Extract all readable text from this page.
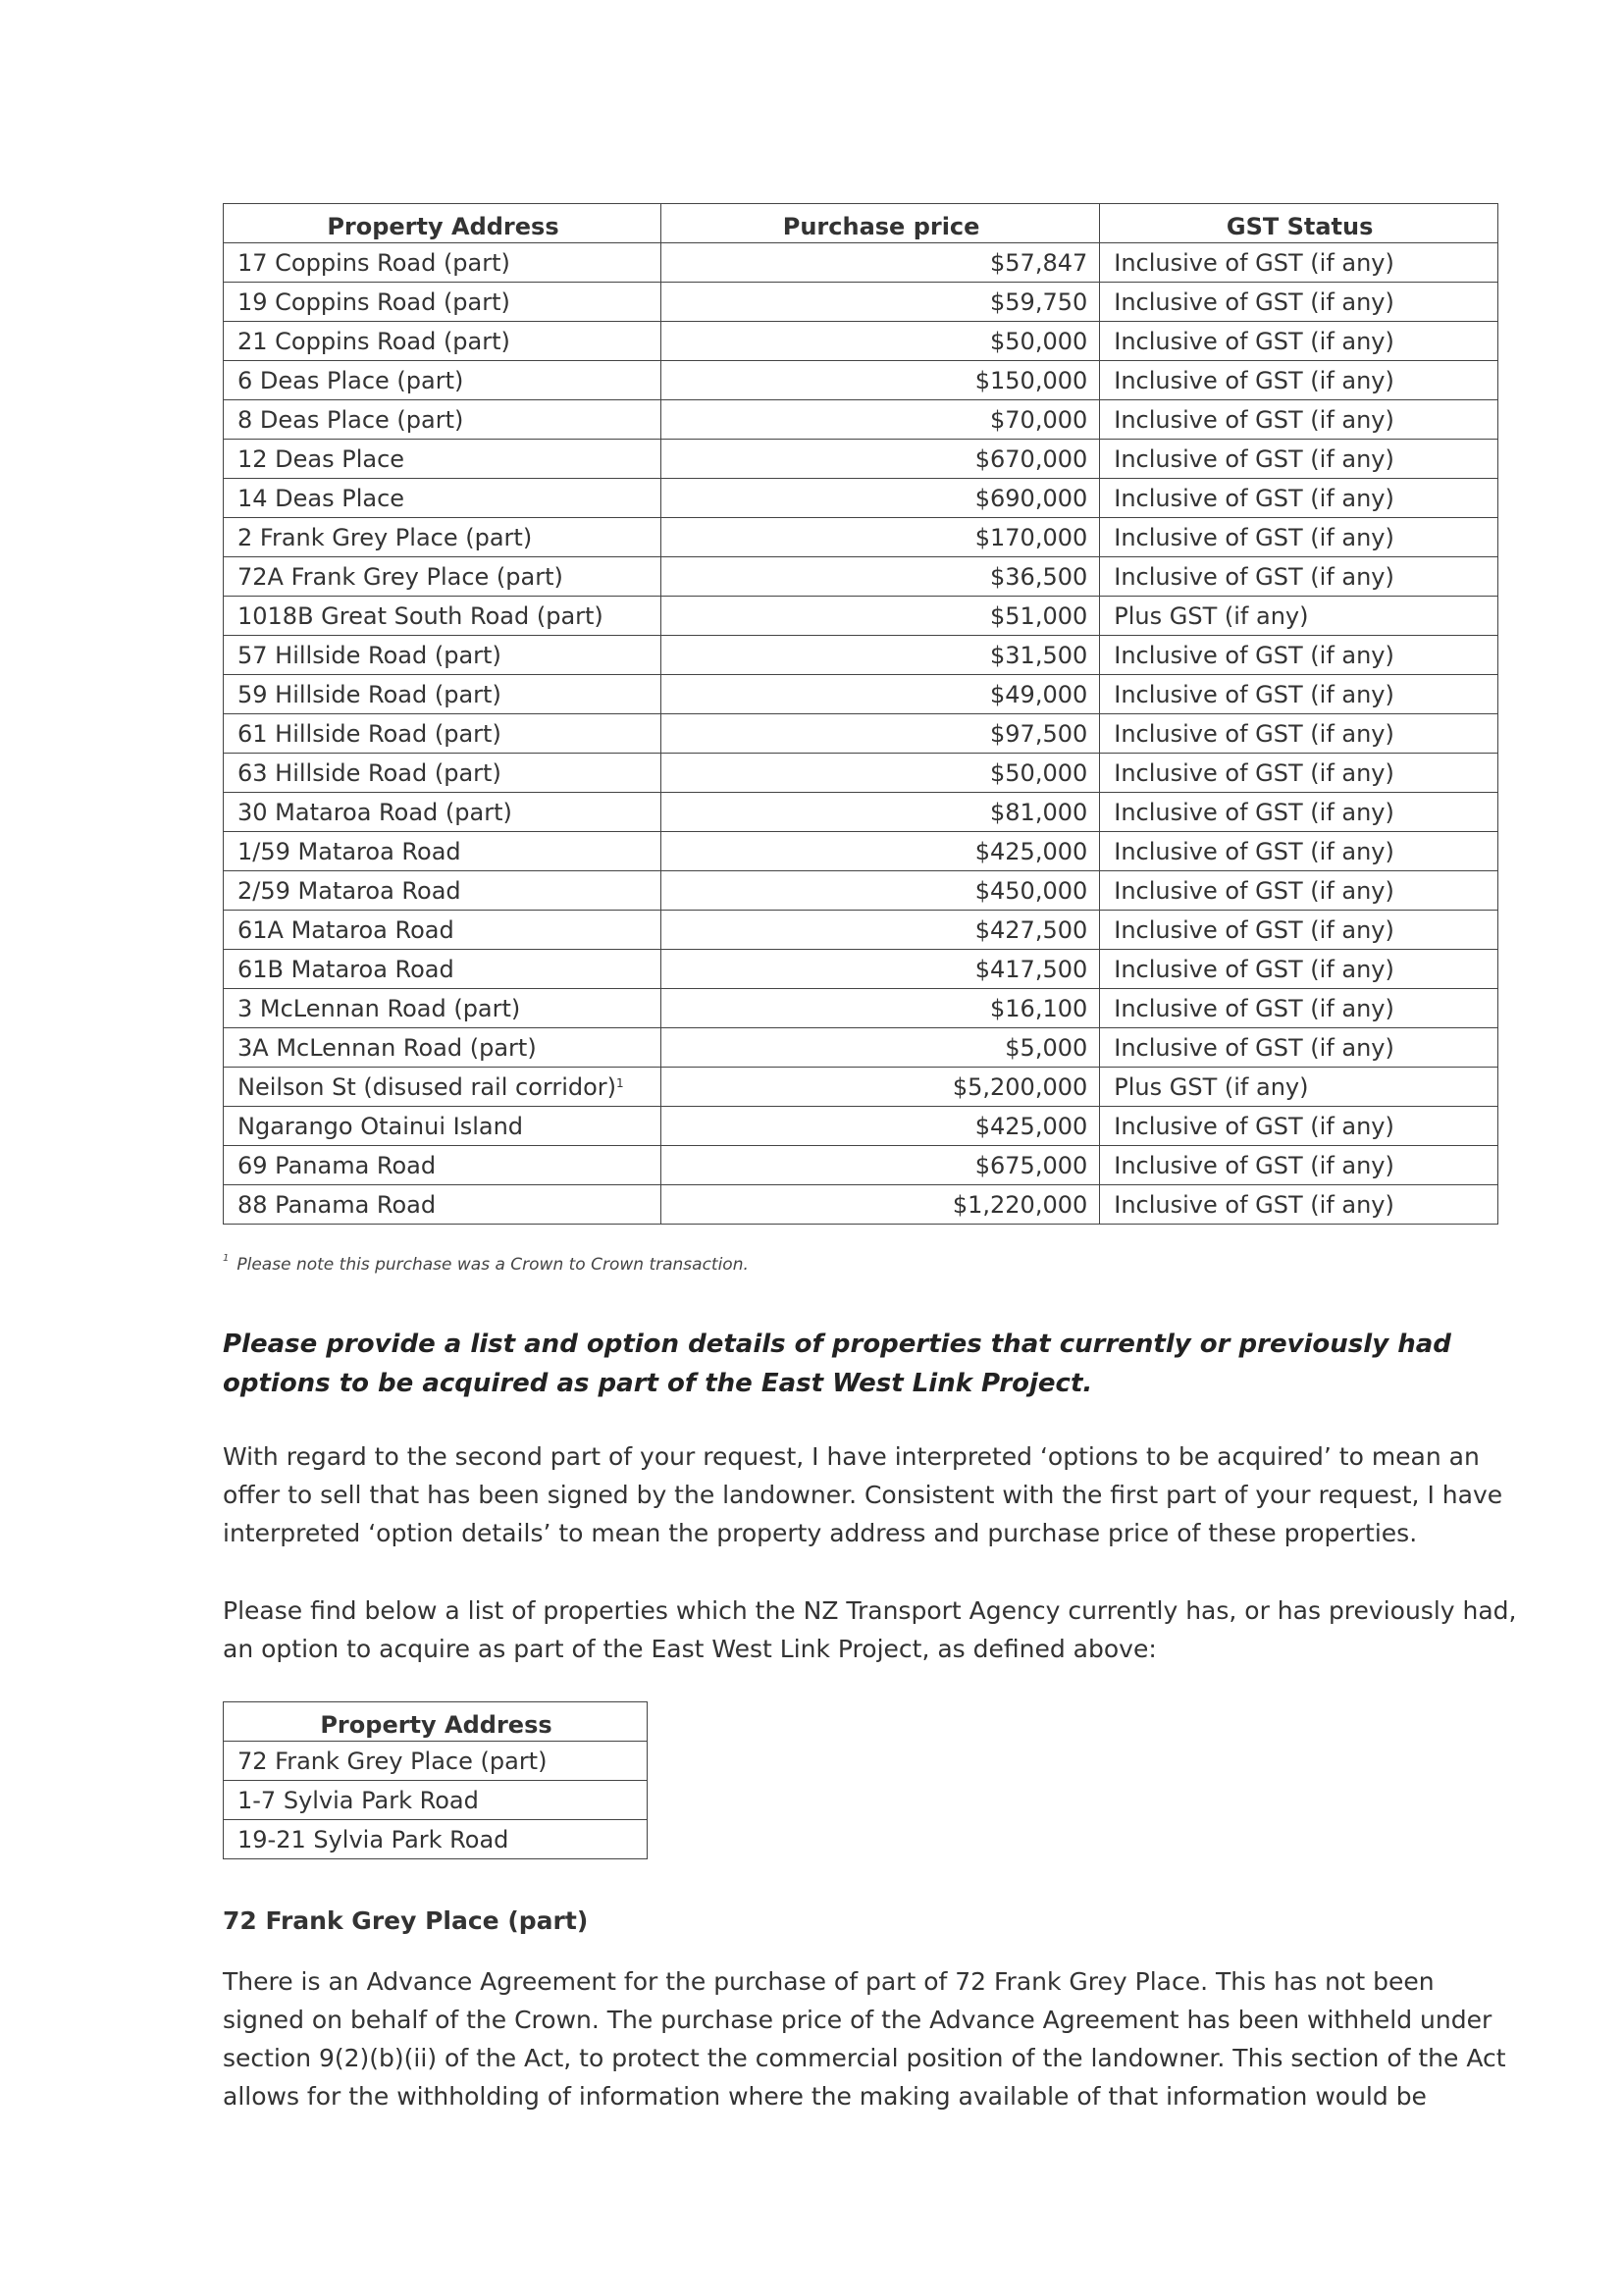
Property Address	Purchase price	GST Status
17 Coppins Road (part)	$57,847	Inclusive of GST (if any)
19 Coppins Road (part)	$59,750	Inclusive of GST (if any)
21 Coppins Road (part)	$50,000	Inclusive of GST (if any)
6 Deas Place (part)	$150,000	Inclusive of GST (if any)
8 Deas Place (part)	$70,000	Inclusive of GST (if any)
12 Deas Place	$670,000	Inclusive of GST (if any)
14 Deas Place	$690,000	Inclusive of GST (if any)
2 Frank Grey Place (part)	$170,000	Inclusive of GST (if any)
72A Frank Grey Place (part)	$36,500	Inclusive of GST (if any)
1018B Great South Road (part)	$51,000	Plus GST (if any)
57 Hillside Road (part)	$31,500	Inclusive of GST (if any)
59 Hillside Road (part)	$49,000	Inclusive of GST (if any)
61 Hillside Road (part)	$97,500	Inclusive of GST (if any)
63 Hillside Road (part)	$50,000	Inclusive of GST (if any)
30 Mataroa Road (part)	$81,000	Inclusive of GST (if any)
1/59 Mataroa Road	$425,000	Inclusive of GST (if any)
2/59 Mataroa Road	$450,000	Inclusive of GST (if any)
61A Mataroa Road	$427,500	Inclusive of GST (if any)
61B Mataroa Road	$417,500	Inclusive of GST (if any)
3 McLennan Road (part)	$16,100	Inclusive of GST (if any)
3A McLennan Road (part)	$5,000	Inclusive of GST (if any)
Neilson St (disused rail corridor)$^1$	$5,200,000	Plus GST (if any)
Ngarango Otainui Island	$425,000	Inclusive of GST (if any)
69 Panama Road	$675,000	Inclusive of GST (if any)
88 Panama Road	$1,220,000	Inclusive of GST (if any)
$^1$ Please note this purchase was a Crown to Crown transaction.
Please provide a list and option details of properties that currently or previously had options to be acquired as part of the East West Link Project.
With regard to the second part of your request, I have interpreted ‘options to be acquired’ to mean an offer to sell that has been signed by the landowner. Consistent with the first part of your request, I have interpreted ‘option details’ to mean the property address and purchase price of these properties.
Please find below a list of properties which the NZ Transport Agency currently has, or has previously had, an option to acquire as part of the East West Link Project, as defined above:
Property Address
72 Frank Grey Place (part)
1-7 Sylvia Park Road
19-21 Sylvia Park Road
72 Frank Grey Place (part)
There is an Advance Agreement for the purchase of part of 72 Frank Grey Place. This has not been signed on behalf of the Crown. The purchase price of the Advance Agreement has been withheld under section 9(2)(b)(ii) of the Act, to protect the commercial position of the landowner. This section of the Act allows for the withholding of information where the making available of that information would be
